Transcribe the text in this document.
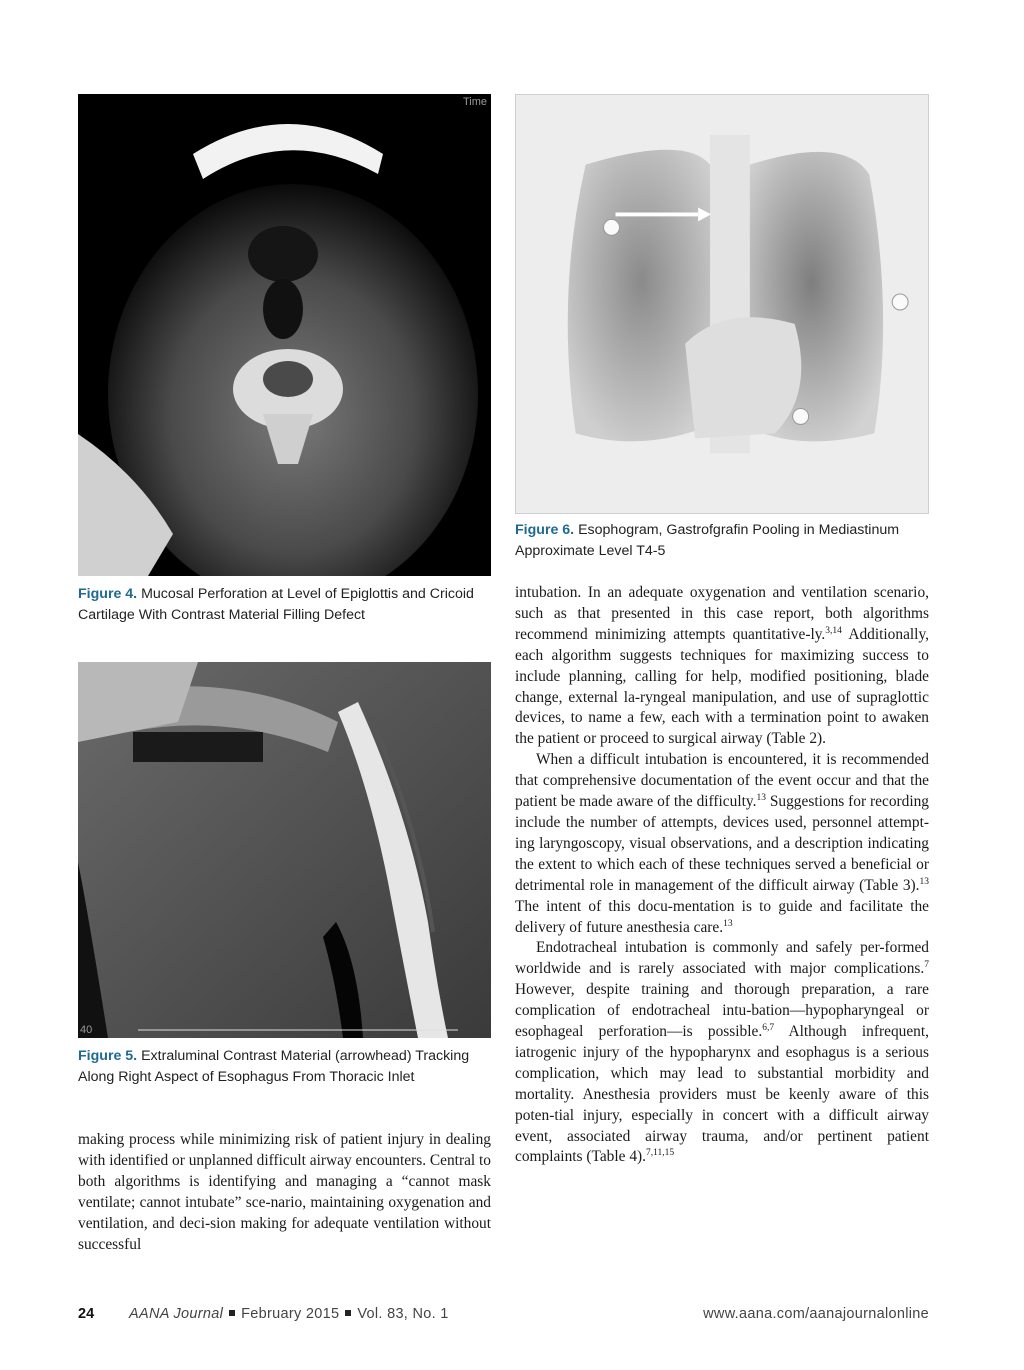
Time
Figure 4. Mucosal Perforation at Level of Epiglottis and Cricoid Cartilage With Contrast Material Filling Defect
40
Figure 5. Extraluminal Contrast Material (arrowhead) Tracking Along Right Aspect of Esophagus From Thoracic Inlet
Figure 6. Esophogram, Gastrofgrafin Pooling in Mediastinum Approximate Level T4-5

making process while minimizing risk of patient injury in dealing with identified or unplanned difficult airway encounters. Central to both algorithms is identifying and managing a “cannot mask ventilate; cannot intubate” sce-nario, maintaining oxygenation and ventilation, and deci-sion making for adequate ventilation without successful

intubation. In an adequate oxygenation and ventilation scenario, such as that presented in this case report, both algorithms recommend minimizing attempts quantitative-ly.$^{3,14}$ Additionally, each algorithm suggests techniques for maximizing success to include planning, calling for help, modified positioning, blade change, external la-ryngeal manipulation, and use of supraglottic devices, to name a few, each with a termination point to awaken the patient or proceed to surgical airway (Table 2).

When a difficult intubation is encountered, it is recommended that comprehensive documentation of the event occur and that the patient be made aware of the difficulty.$^{13}$ Suggestions for recording include the number of attempts, devices used, personnel attempt-ing laryngoscopy, visual observations, and a description indicating the extent to which each of these techniques served a beneficial or detrimental role in management of the difficult airway (Table 3).$^{13}$ The intent of this docu-mentation is to guide and facilitate the delivery of future anesthesia care.$^{13}$

Endotracheal intubation is commonly and safely per-formed worldwide and is rarely associated with major complications.$^7$ However, despite training and thorough preparation, a rare complication of endotracheal intu-bation—hypopharyngeal or esophageal perforation—is possible.$^{6,7}$ Although infrequent, iatrogenic injury of the hypopharynx and esophagus is a serious complication, which may lead to substantial morbidity and mortality. Anesthesia providers must be keenly aware of this poten-tial injury, especially in concert with a difficult airway event, associated airway trauma, and/or pertinent patient complaints (Table 4).$^{7,11,15}$

24 AANA Journal February 2015 Vol. 83, No. 1	www.aana.com/aanajournalonline
